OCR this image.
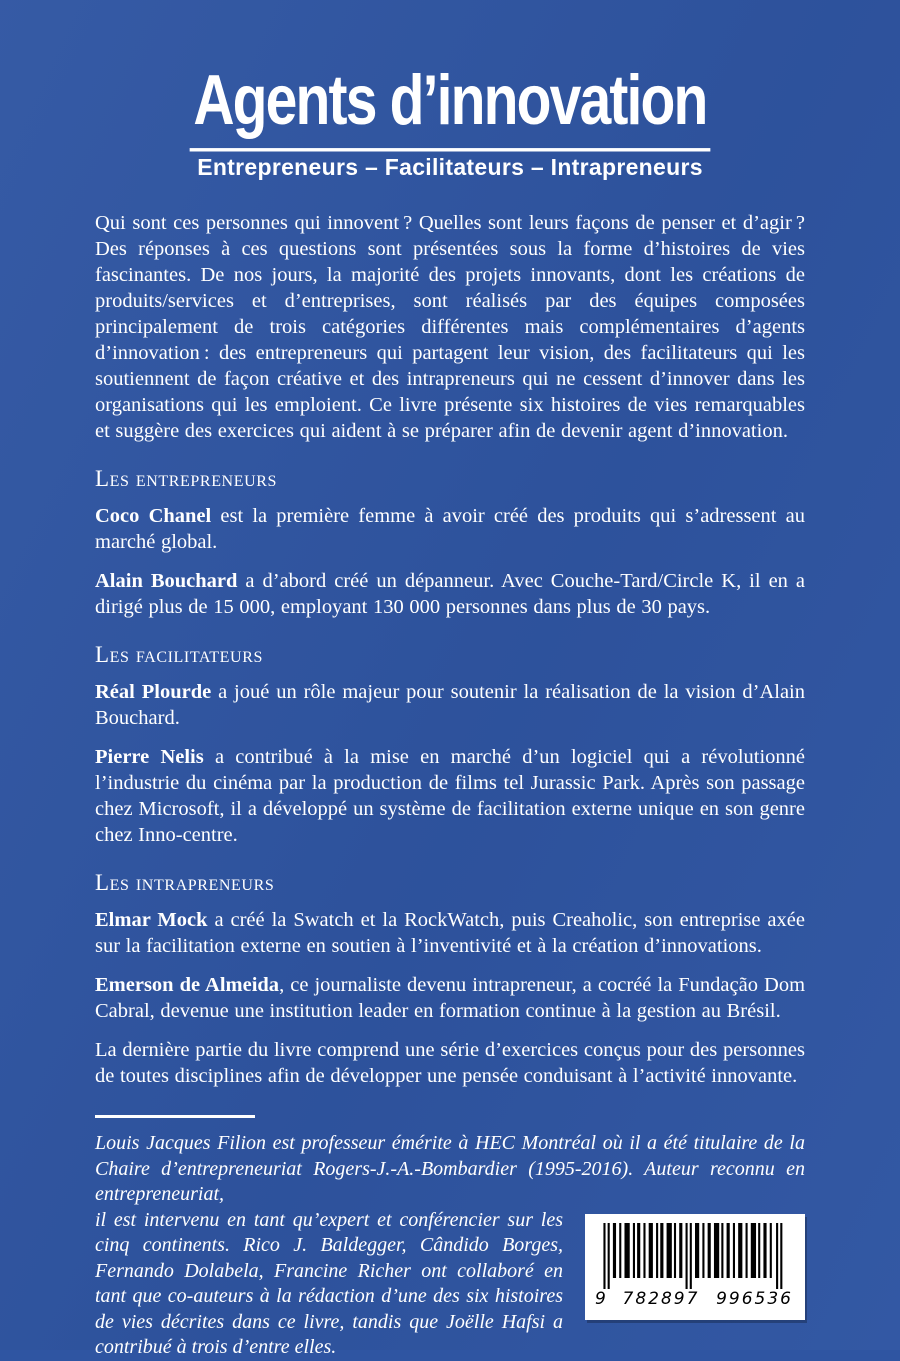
Agents d’innovation
Entrepreneurs – Facilitateurs – Intrapreneurs

Qui sont ces personnes qui innovent ? Quelles sont leurs façons de penser et d’agir ? Des réponses à ces questions sont présentées sous la forme d’histoires de vies fascinantes. De nos jours, la majorité des projets innovants, dont les créations de produits/services et d’entreprises, sont réalisés par des équipes composées principalement de trois catégories différentes mais complémentaires d’agents d’innovation : des entrepreneurs qui partagent leur vision, des facilitateurs qui les soutiennent de façon créative et des intrapreneurs qui ne cessent d’innover dans les organisations qui les emploient. Ce livre présente six histoires de vies remarquables et suggère des exercices qui aident à se préparer afin de devenir agent d’innovation.

Les entrepreneurs

Coco Chanel est la première femme à avoir créé des produits qui s’adressent au marché global.

Alain Bouchard a d’abord créé un dépanneur. Avec Couche-Tard/Circle K, il en a dirigé plus de 15 000, employant 130 000 personnes dans plus de 30 pays.

Les facilitateurs

Réal Plourde a joué un rôle majeur pour soutenir la réalisation de la vision d’Alain Bouchard.

Pierre Nelis a contribué à la mise en marché d’un logiciel qui a révolutionné l’industrie du cinéma par la production de films tel Jurassic Park. Après son passage chez Microsoft, il a développé un système de facilitation externe unique en son genre chez Inno-centre.

Les intrapreneurs

Elmar Mock a créé la Swatch et la RockWatch, puis Creaholic, son entreprise axée sur la facilitation externe en soutien à l’inventivité et à la création d’innovations.

Emerson de Almeida, ce journaliste devenu intrapreneur, a cocréé la Fundação Dom Cabral, devenue une institution leader en formation continue à la gestion au Brésil.

La dernière partie du livre comprend une série d’exercices conçus pour des personnes de toutes disciplines afin de développer une pensée conduisant à l’activité innovante.

Louis Jacques Filion est professeur émérite à HEC Montréal où il a été titulaire de la Chaire d’entrepreneuriat Rogers-J.-A.-Bombardier (1995-2016). Auteur reconnu en entrepreneuriat,

9 782897 996536

il est intervenu en tant qu’expert et conférencier sur les cinq continents. Rico J. Baldegger, Cândido Borges, Fernando Dolabela, Francine Richer ont collaboré en tant que co-auteurs à la rédaction d’une des six histoires de vies décrites dans ce livre, tandis que Joëlle Hafsi a contribué à trois d’entre elles.
